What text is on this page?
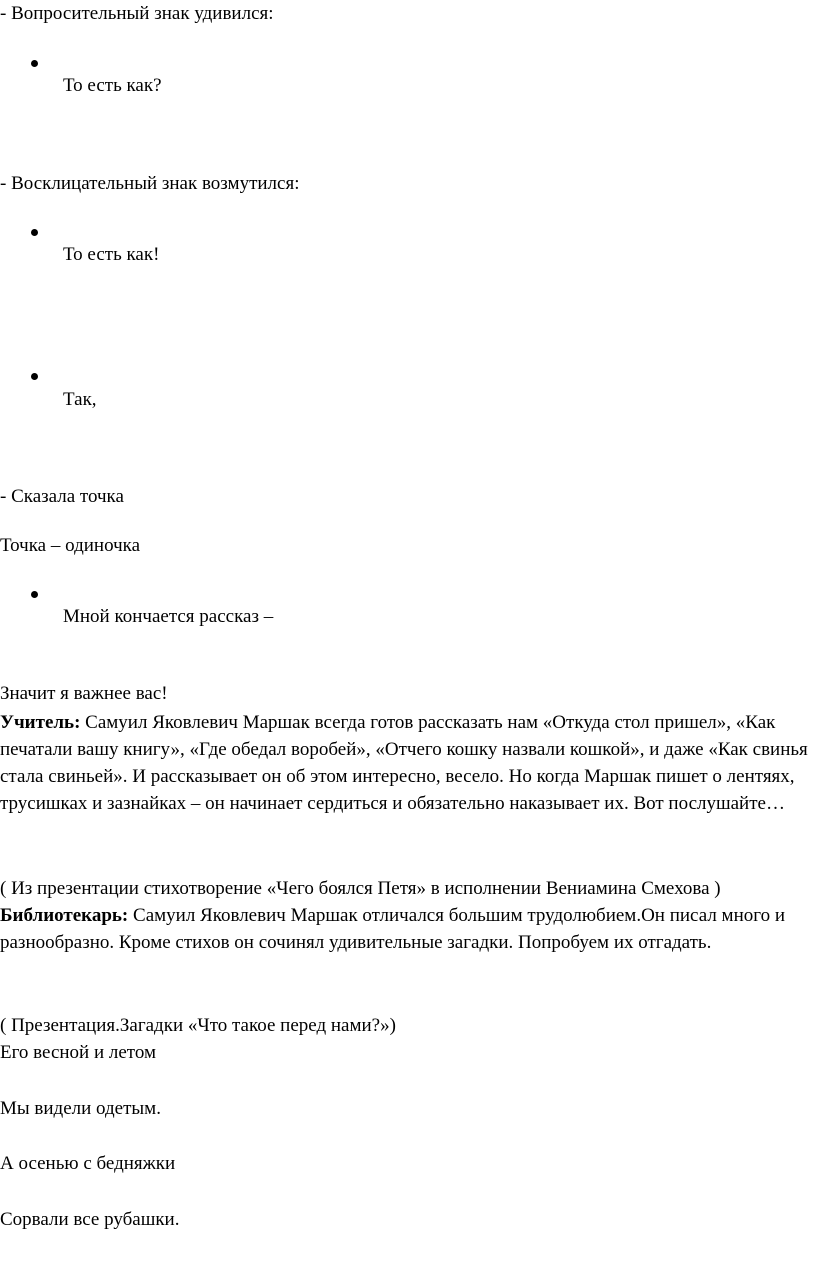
- Вопросительный знак удивился:
То есть как?
- Восклицательный знак возмутился:
То есть как!
Так,
- Сказала точка
Точка – одиночка
Мной кончается рассказ –
Значит я важнее вас!
Учитель: Самуил Яковлевич Маршак всегда готов рассказать нам «Откуда стол пришел», «Как печатали вашу книгу», «Где обедал воробей», «Отчего кошку назвали кошкой», и даже «Как свинья стала свиньей». И рассказывает он об этом интересно, весело. Но когда Маршак пишет о лентяях, трусишках и зазнайках – он начинает сердиться и обязательно наказывает их. Вот послушайте…
( Из презентации стихотворение «Чего боялся Петя» в исполнении Вениамина Смехова )
Библиотекарь: Самуил Яковлевич Маршак отличался большим трудолюбием.Он писал много и разнообразно. Кроме стихов он сочинял удивительные загадки. Попробуем их отгадать.
( Презентация.Загадки «Что такое перед нами?»)
Его весной и летом
Мы видели одетым.
А осенью с бедняжки
Сорвали все рубашки.
